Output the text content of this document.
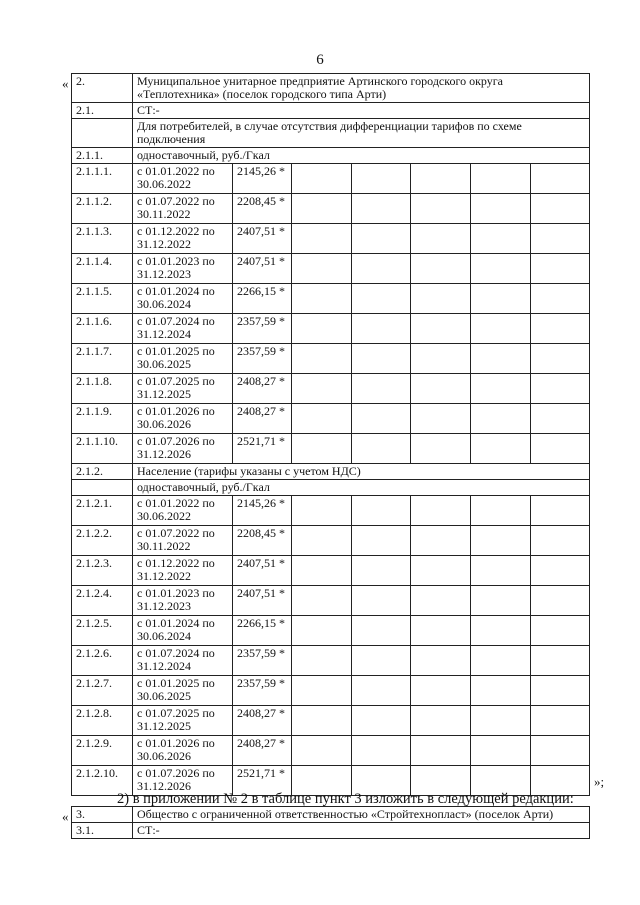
6
«
»;
2.	Муниципальное унитарное предприятие Артинского городского округа «Теплотехника» (поселок городского типа Арти)						
2.1.	СТ:-						
	Для потребителей, в случае отсутствия дифференциации тарифов по схеме подключения						
2.1.1.	одноставочный, руб./Гкал						
2.1.1.1.	с 01.01.2022 по 30.06.2022	2145,26 *					
2.1.1.2.	с 01.07.2022 по 30.11.2022	2208,45 *					
2.1.1.3.	с 01.12.2022 по 31.12.2022	2407,51 *					
2.1.1.4.	с 01.01.2023 по 31.12.2023	2407,51 *					
2.1.1.5.	с 01.01.2024 по 30.06.2024	2266,15 *					
2.1.1.6.	с 01.07.2024 по 31.12.2024	2357,59 *					
2.1.1.7.	с 01.01.2025 по 30.06.2025	2357,59 *					
2.1.1.8.	с 01.07.2025 по 31.12.2025	2408,27 *					
2.1.1.9.	с 01.01.2026 по 30.06.2026	2408,27 *					
2.1.1.10.	с 01.07.2026 по 31.12.2026	2521,71 *					
2.1.2.	Население (тарифы указаны с учетом НДС)						
	одноставочный, руб./Гкал						
2.1.2.1.	с 01.01.2022 по 30.06.2022	2145,26 *					
2.1.2.2.	с 01.07.2022 по 30.11.2022	2208,45 *					
2.1.2.3.	с 01.12.2022 по 31.12.2022	2407,51 *					
2.1.2.4.	с 01.01.2023 по 31.12.2023	2407,51 *					
2.1.2.5.	с 01.01.2024 по 30.06.2024	2266,15 *					
2.1.2.6.	с 01.07.2024 по 31.12.2024	2357,59 *					
2.1.2.7.	с 01.01.2025 по 30.06.2025	2357,59 *					
2.1.2.8.	с 01.07.2025 по 31.12.2025	2408,27 *					
2.1.2.9.	с 01.01.2026 по 30.06.2026	2408,27 *					
2.1.2.10.	с 01.07.2026 по 31.12.2026	2521,71 *					
2) в приложении № 2 в таблице пункт 3 изложить в следующей редакции:
« 3.	Общество с ограниченной ответственностью «Стройтехнопласт» (поселок Арти)
3.1.	СТ:-
